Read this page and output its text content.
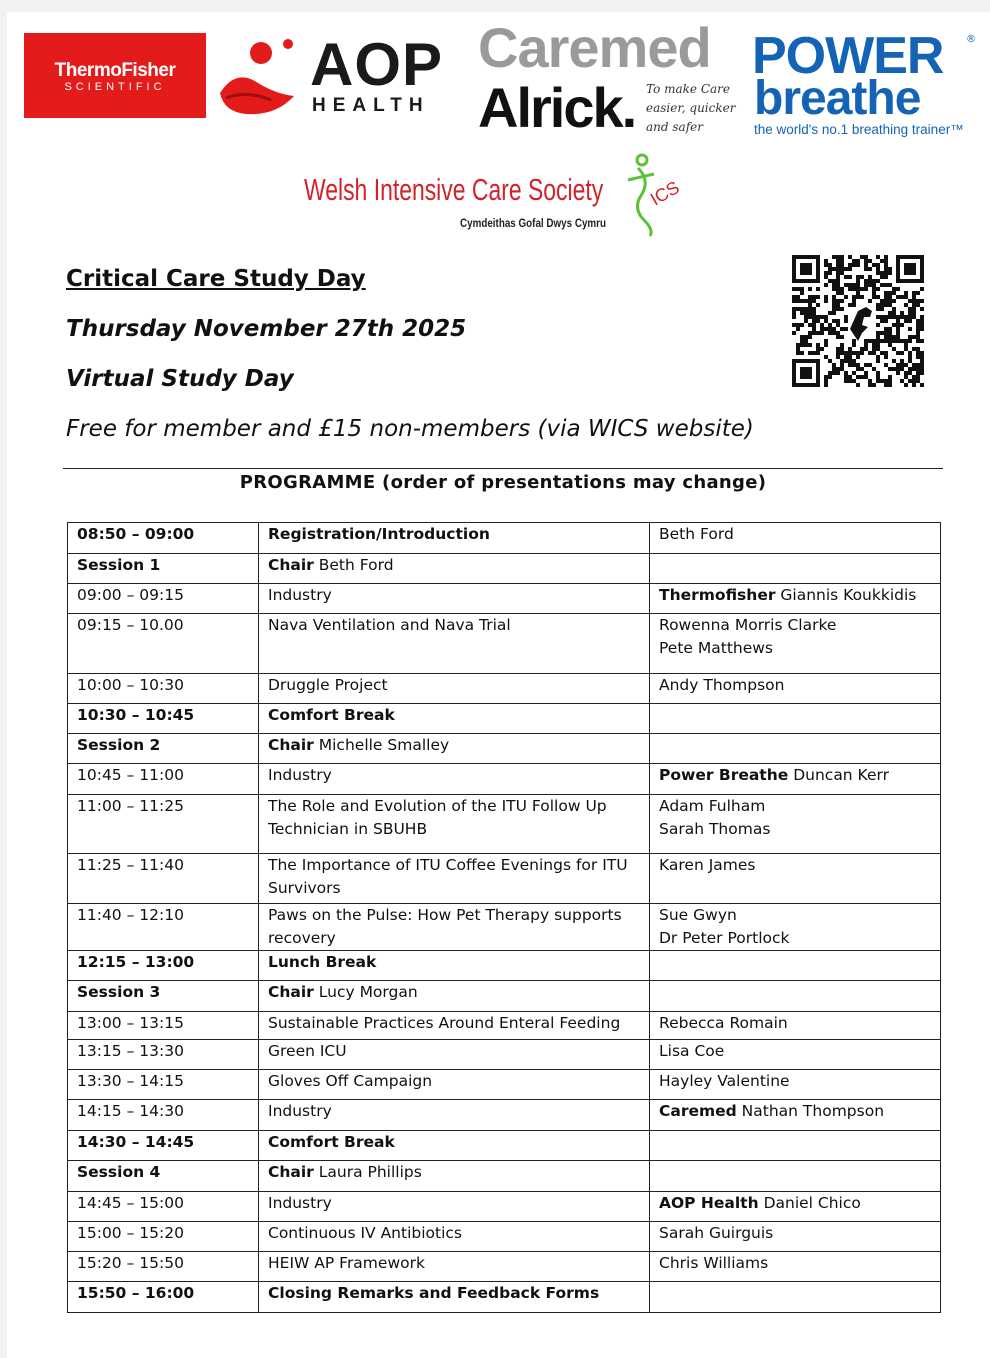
ThermoFisher
SCIENTIFIC	AOP
HEALTH
Caremed
Alrick. To make Care
easier, quicker
and safer
POWER ®
breathe
the world's no.1 breathing trainer™
Welsh Intensive Care Society
Cymdeithas Gofal Dwys Cymru
ICS
Critical Care Study Day
Thursday November 27th 2025
Virtual Study Day
Free for member and £15 non-members (via WICS website)
PROGRAMME (order of presentations may change)
08:50 – 09:00	Registration/Introduction	Beth Ford
Session 1	Chair Beth Ford	
09:00 – 09:15	Industry	Thermofisher Giannis Koukkidis
09:15 – 10.00	Nava Ventilation and Nava Trial	Rowenna Morris Clarke
Pete Matthews
10:00 – 10:30	Druggle Project	Andy Thompson
10:30 – 10:45	Comfort Break	
Session 2	Chair Michelle Smalley	
10:45 – 11:00	Industry	Power Breathe Duncan Kerr
11:00 – 11:25	The Role and Evolution of the ITU Follow Up Technician in SBUHB	Adam Fulham
Sarah Thomas
11:25 – 11:40	The Importance of ITU Coffee Evenings for ITU Survivors	Karen James
11:40 – 12:10	Paws on the Pulse: How Pet Therapy supports recovery	Sue Gwyn
Dr Peter Portlock
12:15 – 13:00	Lunch Break	
Session 3	Chair Lucy Morgan	
13:00 – 13:15	Sustainable Practices Around Enteral Feeding	Rebecca Romain
13:15 – 13:30	Green ICU	Lisa Coe
13:30 – 14:15	Gloves Off Campaign	Hayley Valentine
14:15 – 14:30	Industry	Caremed Nathan Thompson
14:30 – 14:45	Comfort Break	
Session 4	Chair Laura Phillips	
14:45 – 15:00	Industry	AOP Health Daniel Chico
15:00 – 15:20	Continuous IV Antibiotics	Sarah Guirguis
15:20 – 15:50	HEIW AP Framework	Chris Williams
15:50 – 16:00	Closing Remarks and Feedback Forms	
